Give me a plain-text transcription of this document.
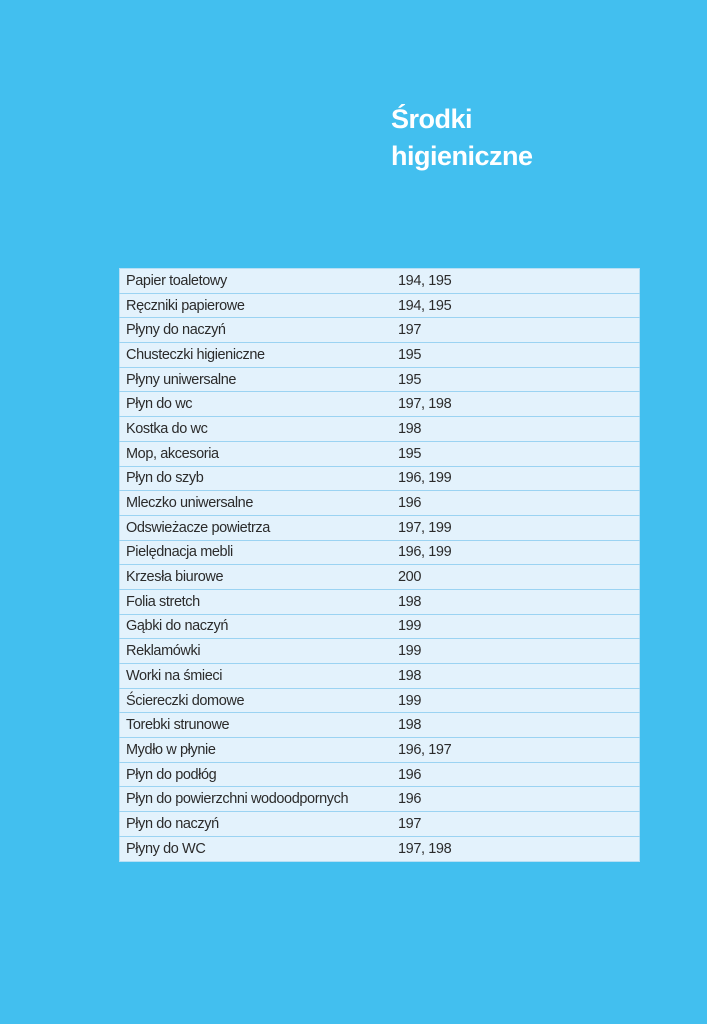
Środki
higieniczne
Papier toaletowy	194, 195
Ręczniki papierowe	194, 195
Płyny do naczyń	197
Chusteczki higieniczne	195
Płyny uniwersalne	195
Płyn do wc	197, 198
Kostka do wc	198
Mop, akcesoria	195
Płyn do szyb	196, 199
Mleczko uniwersalne	196
Odswieżacze powietrza	197, 199
Pielędnacja mebli	196, 199
Krzesła biurowe	200
Folia stretch	198
Gąbki do naczyń	199
Reklamówki	199
Worki na śmieci	198
Ściereczki domowe	199
Torebki strunowe	198
Mydło w płynie	196, 197
Płyn do podłóg	196
Płyn do powierzchni wodoodpornych	196
Płyn do naczyń	197
Płyny do WC	197, 198
